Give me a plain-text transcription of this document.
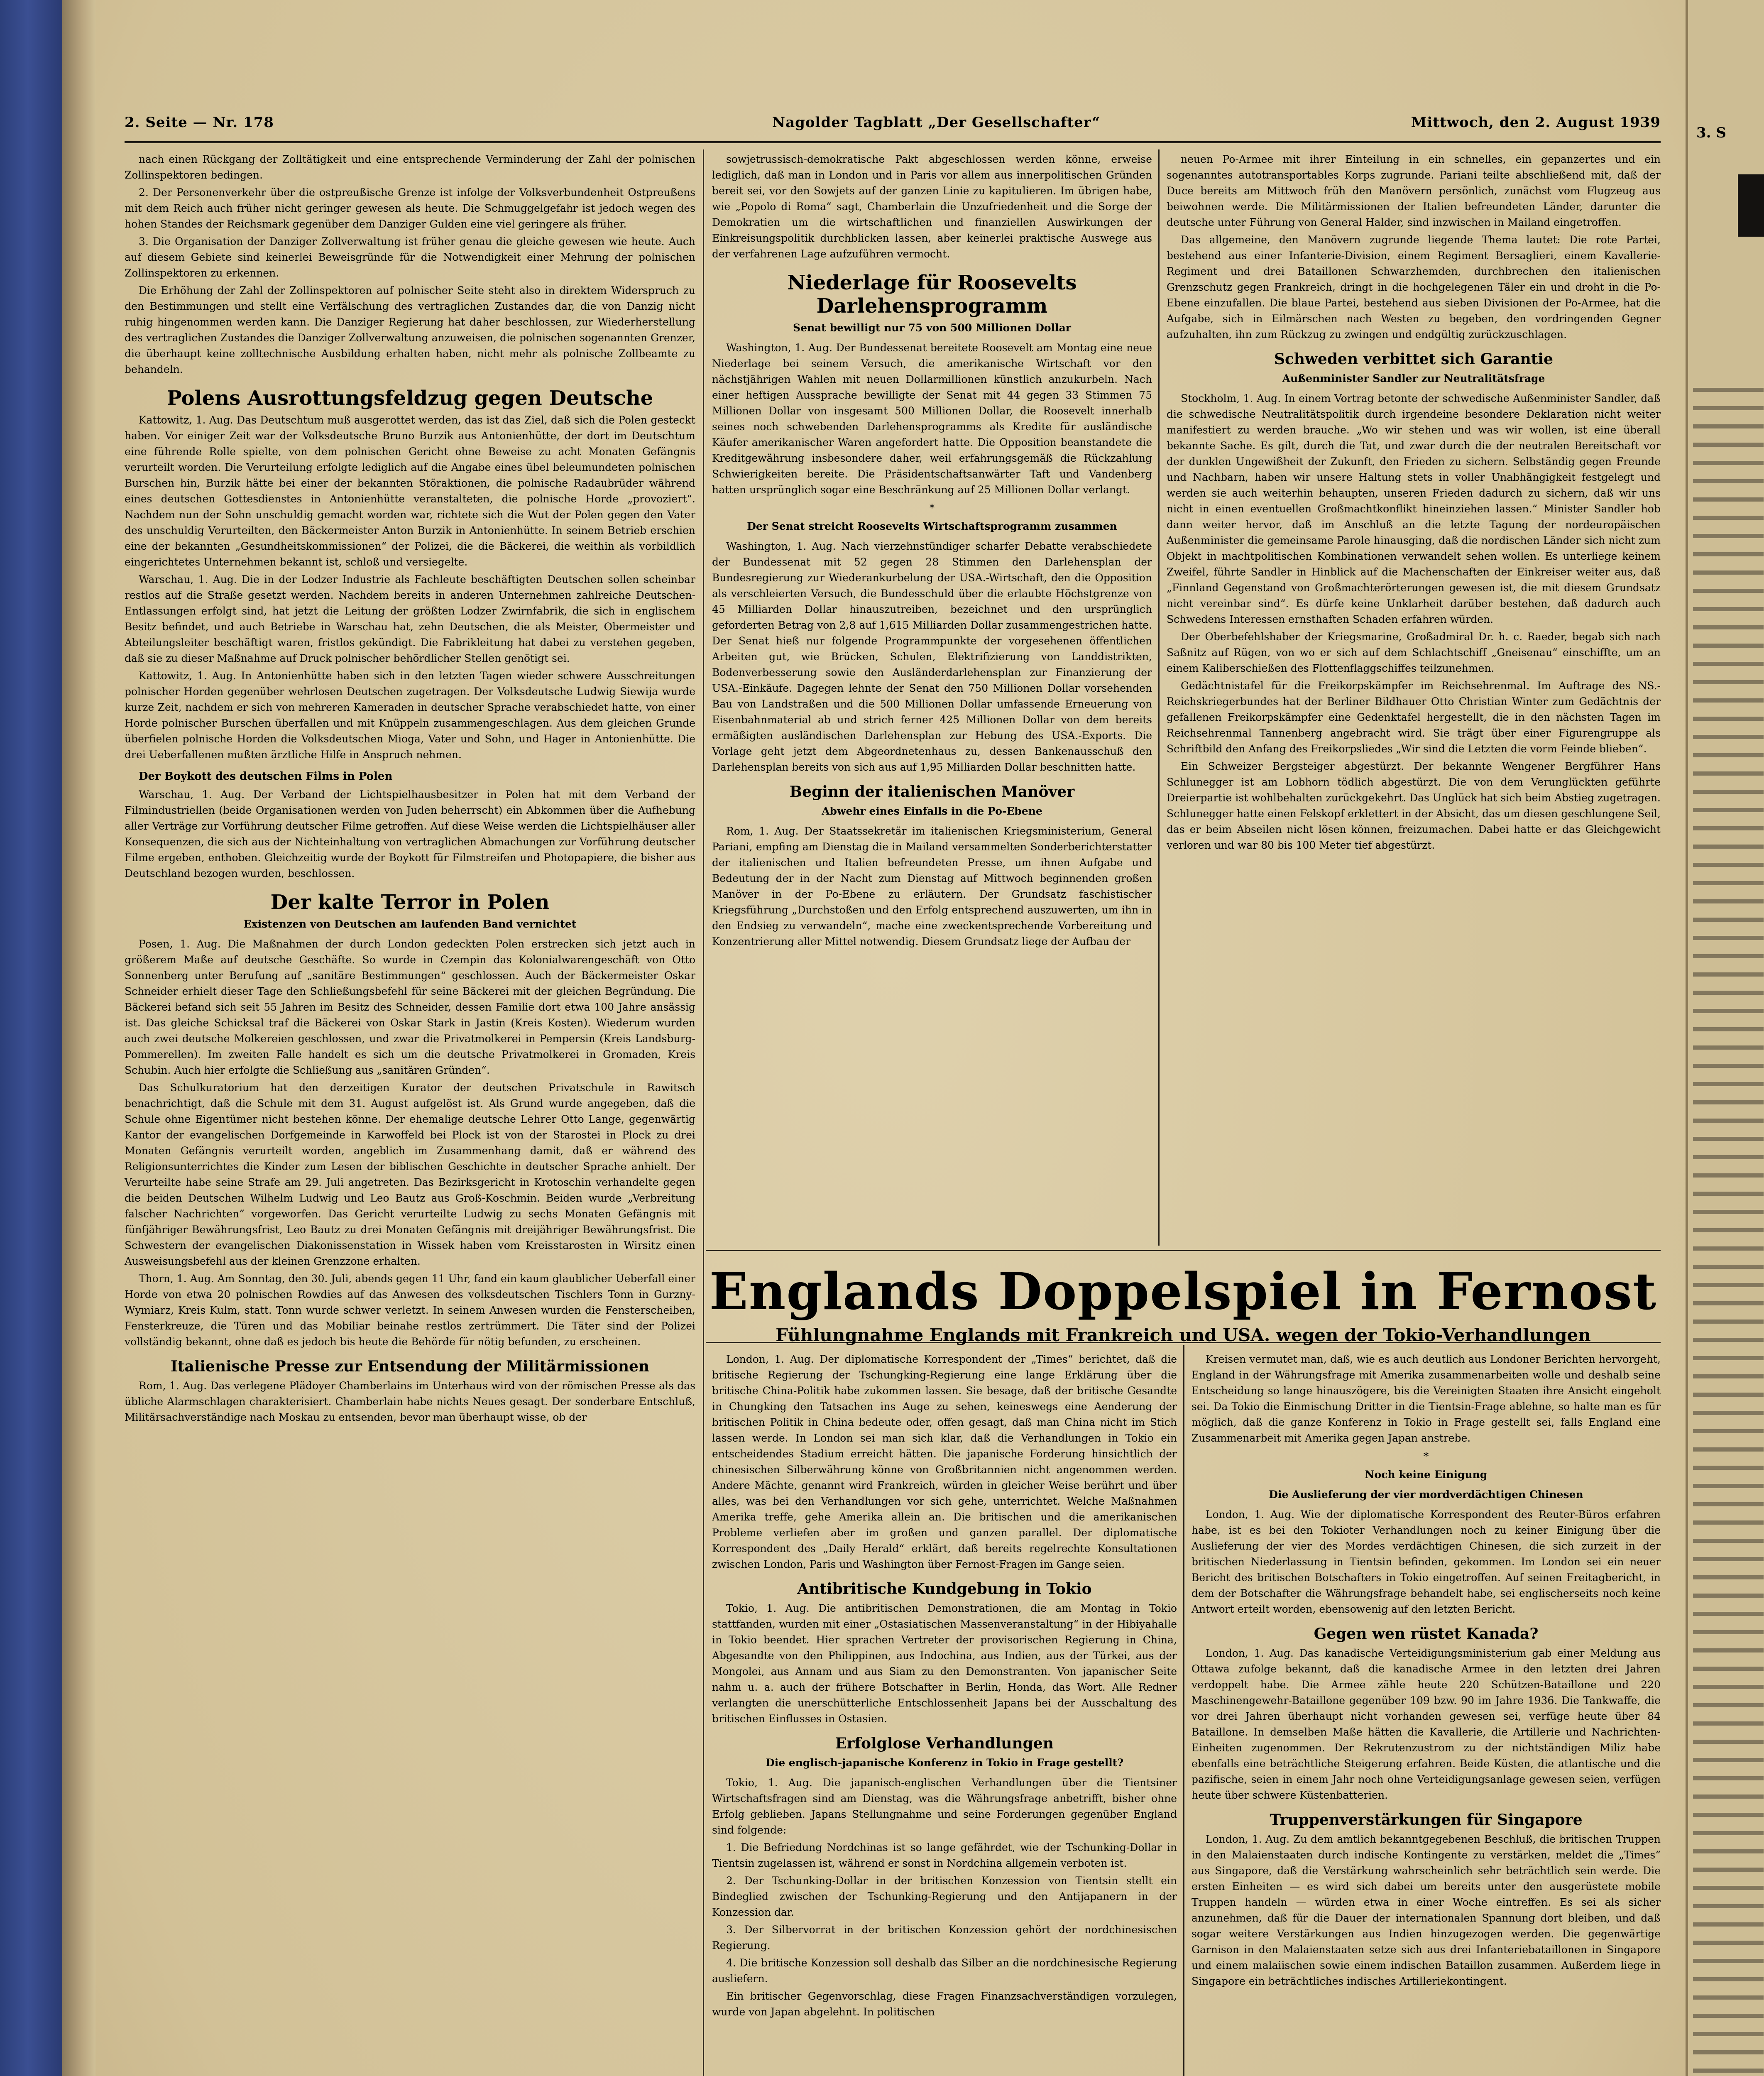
3. S
2. Seite — Nr. 178	Nagolder Tagblatt „Der Gesellschafter“	Mittwoch, den 2. August 1939

nach einen Rückgang der Zolltätigkeit und eine entsprechende Verminderung der Zahl der polnischen Zollinspektoren bedingen.

2. Der Personenverkehr über die ostpreußische Grenze ist infolge der Volksverbundenheit Ostpreußens mit dem Reich auch früher nicht geringer gewesen als heute. Die Schmuggelgefahr ist jedoch wegen des hohen Standes der Reichsmark gegenüber dem Danziger Gulden eine viel geringere als früher.

3. Die Organisation der Danziger Zollverwaltung ist früher genau die gleiche gewesen wie heute. Auch auf diesem Gebiete sind keinerlei Beweisgründe für die Notwendigkeit einer Mehrung der polnischen Zollinspektoren zu erkennen.

Die Erhöhung der Zahl der Zollinspektoren auf polnischer Seite steht also in direktem Widerspruch zu den Bestimmungen und stellt eine Verfälschung des vertraglichen Zustandes dar, die von Danzig nicht ruhig hingenommen werden kann. Die Danziger Regierung hat daher beschlossen, zur Wiederherstellung des vertraglichen Zustandes die Danziger Zollverwaltung anzuweisen, die polnischen sogenannten Grenzer, die überhaupt keine zolltechnische Ausbildung erhalten haben, nicht mehr als polnische Zollbeamte zu behandeln.

Polens Ausrottungsfeldzug gegen Deutsche

Kattowitz, 1. Aug. Das Deutschtum muß ausgerottet werden, das ist das Ziel, daß sich die Polen gesteckt haben. Vor einiger Zeit war der Volksdeutsche Bruno Burzik aus Antonienhütte, der dort im Deutschtum eine führende Rolle spielte, von dem polnischen Gericht ohne Beweise zu acht Monaten Gefängnis verurteilt worden. Die Verurteilung erfolgte lediglich auf die Angabe eines übel beleumundeten polnischen Burschen hin, Burzik hätte bei einer der bekannten Störaktionen, die polnische Radaubrüder während eines deutschen Gottesdienstes in Antonienhütte veranstalteten, die polnische Horde „provoziert“. Nachdem nun der Sohn unschuldig gemacht worden war, richtete sich die Wut der Polen gegen den Vater des unschuldig Verurteilten, den Bäckermeister Anton Burzik in Antonienhütte. In seinem Betrieb erschien eine der bekannten „Gesundheitskommissionen“ der Polizei, die die Bäckerei, die weithin als vorbildlich eingerichtetes Unternehmen bekannt ist, schloß und versiegelte.

Warschau, 1. Aug. Die in der Lodzer Industrie als Fachleute beschäftigten Deutschen sollen scheinbar restlos auf die Straße gesetzt werden. Nachdem bereits in anderen Unternehmen zahlreiche Deutschen-Entlassungen erfolgt sind, hat jetzt die Leitung der größten Lodzer Zwirnfabrik, die sich in englischem Besitz befindet, und auch Betriebe in Warschau hat, zehn Deutschen, die als Meister, Obermeister und Abteilungsleiter beschäftigt waren, fristlos gekündigt. Die Fabrikleitung hat dabei zu verstehen gegeben, daß sie zu dieser Maßnahme auf Druck polnischer behördlicher Stellen genötigt sei.

Kattowitz, 1. Aug. In Antonienhütte haben sich in den letzten Tagen wieder schwere Ausschreitungen polnischer Horden gegenüber wehrlosen Deutschen zugetragen. Der Volksdeutsche Ludwig Siewija wurde kurze Zeit, nachdem er sich von mehreren Kameraden in deutscher Sprache verabschiedet hatte, von einer Horde polnischer Burschen überfallen und mit Knüppeln zusammengeschlagen. Aus dem gleichen Grunde überfielen polnische Horden die Volksdeutschen Mioga, Vater und Sohn, und Hager in Antonienhütte. Die drei Ueberfallenen mußten ärztliche Hilfe in Anspruch nehmen.

Der Boykott des deutschen Films in Polen

Warschau, 1. Aug. Der Verband der Lichtspielhausbesitzer in Polen hat mit dem Verband der Filmindustriellen (beide Organisationen werden von Juden beherrscht) ein Abkommen über die Aufhebung aller Verträge zur Vorführung deutscher Filme getroffen. Auf diese Weise werden die Lichtspielhäuser aller Konsequenzen, die sich aus der Nichteinhaltung von vertraglichen Abmachungen zur Vorführung deutscher Filme ergeben, enthoben. Gleichzeitig wurde der Boykott für Filmstreifen und Photopapiere, die bisher aus Deutschland bezogen wurden, beschlossen.

Der kalte Terror in Polen
Existenzen von Deutschen am laufenden Band vernichtet

Posen, 1. Aug. Die Maßnahmen der durch London gedeckten Polen erstrecken sich jetzt auch in größerem Maße auf deutsche Geschäfte. So wurde in Czempin das Kolonialwarengeschäft von Otto Sonnenberg unter Berufung auf „sanitäre Bestimmungen“ geschlossen. Auch der Bäckermeister Oskar Schneider erhielt dieser Tage den Schließungsbefehl für seine Bäckerei mit der gleichen Begründung. Die Bäckerei befand sich seit 55 Jahren im Besitz des Schneider, dessen Familie dort etwa 100 Jahre ansässig ist. Das gleiche Schicksal traf die Bäckerei von Oskar Stark in Jastin (Kreis Kosten). Wiederum wurden auch zwei deutsche Molkereien geschlossen, und zwar die Privatmolkerei in Pempersin (Kreis Landsburg-Pommerellen). Im zweiten Falle handelt es sich um die deutsche Privatmolkerei in Gromaden, Kreis Schubin. Auch hier erfolgte die Schließung aus „sanitären Gründen“.

Das Schulkuratorium hat den derzeitigen Kurator der deutschen Privatschule in Rawitsch benachrichtigt, daß die Schule mit dem 31. August aufgelöst ist. Als Grund wurde angegeben, daß die Schule ohne Eigentümer nicht bestehen könne. Der ehemalige deutsche Lehrer Otto Lange, gegenwärtig Kantor der evangelischen Dorfgemeinde in Karwoffeld bei Plock ist von der Starostei in Plock zu drei Monaten Gefängnis verurteilt worden, angeblich im Zusammenhang damit, daß er während des Religionsunterrichtes die Kinder zum Lesen der biblischen Geschichte in deutscher Sprache anhielt. Der Verurteilte habe seine Strafe am 29. Juli angetreten. Das Bezirksgericht in Krotoschin verhandelte gegen die beiden Deutschen Wilhelm Ludwig und Leo Bautz aus Groß-Koschmin. Beiden wurde „Verbreitung falscher Nachrichten“ vorgeworfen. Das Gericht verurteilte Ludwig zu sechs Monaten Gefängnis mit fünfjähriger Bewährungsfrist, Leo Bautz zu drei Monaten Gefängnis mit dreijähriger Bewährungsfrist. Die Schwestern der evangelischen Diakonissenstation in Wissek haben vom Kreisstarosten in Wirsitz einen Ausweisungsbefehl aus der kleinen Grenzzone erhalten.

Thorn, 1. Aug. Am Sonntag, den 30. Juli, abends gegen 11 Uhr, fand ein kaum glaublicher Ueberfall einer Horde von etwa 20 polnischen Rowdies auf das Anwesen des volksdeutschen Tischlers Tonn in Gurzny-Wymiarz, Kreis Kulm, statt. Tonn wurde schwer verletzt. In seinem Anwesen wurden die Fensterscheiben, Fensterkreuze, die Türen und das Mobiliar beinahe restlos zertrümmert. Die Täter sind der Polizei vollständig bekannt, ohne daß es jedoch bis heute die Behörde für nötig befunden, zu erscheinen.

Italienische Presse zur Entsendung der Militärmissionen

Rom, 1. Aug. Das verlegene Plädoyer Chamberlains im Unterhaus wird von der römischen Presse als das übliche Alarmschlagen charakterisiert. Chamberlain habe nichts Neues gesagt. Der sonderbare Entschluß, Militärsachverständige nach Moskau zu entsenden, bevor man überhaupt wisse, ob der

sowjetrussisch-demokratische Pakt abgeschlossen werden könne, erweise lediglich, daß man in London und in Paris vor allem aus innerpolitischen Gründen bereit sei, vor den Sowjets auf der ganzen Linie zu kapitulieren. Im übrigen habe, wie „Popolo di Roma“ sagt, Chamberlain die Unzufriedenheit und die Sorge der Demokratien um die wirtschaftlichen und finanziellen Auswirkungen der Einkreisungspolitik durchblicken lassen, aber keinerlei praktische Auswege aus der verfahrenen Lage aufzuführen vermocht.

Niederlage für Roosevelts Darlehensprogramm
Senat bewilligt nur 75 von 500 Millionen Dollar

Washington, 1. Aug. Der Bundessenat bereitete Roosevelt am Montag eine neue Niederlage bei seinem Versuch, die amerikanische Wirtschaft vor den nächstjährigen Wahlen mit neuen Dollarmillionen künstlich anzukurbeln. Nach einer heftigen Aussprache bewilligte der Senat mit 44 gegen 33 Stimmen 75 Millionen Dollar von insgesamt 500 Millionen Dollar, die Roosevelt innerhalb seines noch schwebenden Darlehensprogramms als Kredite für ausländische Käufer amerikanischer Waren angefordert hatte. Die Opposition beanstandete die Kreditgewährung insbesondere daher, weil erfahrungsgemäß die Rückzahlung Schwierigkeiten bereite. Die Präsidentschaftsanwärter Taft und Vandenberg hatten ursprünglich sogar eine Beschränkung auf 25 Millionen Dollar verlangt.

*
Der Senat streicht Roosevelts Wirtschaftsprogramm zusammen

Washington, 1. Aug. Nach vierzehnstündiger scharfer Debatte verabschiedete der Bundessenat mit 52 gegen 28 Stimmen den Darlehensplan der Bundesregierung zur Wiederankurbelung der USA.-Wirtschaft, den die Opposition als verschleierten Versuch, die Bundesschuld über die erlaubte Höchstgrenze von 45 Milliarden Dollar hinauszutreiben, bezeichnet und den ursprünglich geforderten Betrag von 2,8 auf 1,615 Milliarden Dollar zusammengestrichen hatte. Der Senat hieß nur folgende Programmpunkte der vorgesehenen öffentlichen Arbeiten gut, wie Brücken, Schulen, Elektrifizierung von Landdistrikten, Bodenverbesserung sowie den Ausländerdarlehensplan zur Finanzierung der USA.-Einkäufe. Dagegen lehnte der Senat den 750 Millionen Dollar vorsehenden Bau von Landstraßen und die 500 Millionen Dollar umfassende Erneuerung von Eisenbahnmaterial ab und strich ferner 425 Millionen Dollar von dem bereits ermäßigten ausländischen Darlehensplan zur Hebung des USA.-Exports. Die Vorlage geht jetzt dem Abgeordnetenhaus zu, dessen Bankenausschuß den Darlehensplan bereits von sich aus auf 1,95 Milliarden Dollar beschnitten hatte.

Beginn der italienischen Manöver
Abwehr eines Einfalls in die Po-Ebene

Rom, 1. Aug. Der Staatssekretär im italienischen Kriegsministerium, General Pariani, empfing am Dienstag die in Mailand versammelten Sonderberichterstatter der italienischen und Italien befreundeten Presse, um ihnen Aufgabe und Bedeutung der in der Nacht zum Dienstag auf Mittwoch beginnenden großen Manöver in der Po-Ebene zu erläutern. Der Grundsatz faschistischer Kriegsführung „Durchstoßen und den Erfolg entsprechend auszuwerten, um ihn in den Endsieg zu verwandeln“, mache eine zweckentsprechende Vorbereitung und Konzentrierung aller Mittel notwendig. Diesem Grundsatz liege der Aufbau der

neuen Po-Armee mit ihrer Einteilung in ein schnelles, ein gepanzertes und ein sogenanntes autotransportables Korps zugrunde. Pariani teilte abschließend mit, daß der Duce bereits am Mittwoch früh den Manövern persönlich, zunächst vom Flugzeug aus beiwohnen werde. Die Militärmissionen der Italien befreundeten Länder, darunter die deutsche unter Führung von General Halder, sind inzwischen in Mailand eingetroffen.

Das allgemeine, den Manövern zugrunde liegende Thema lautet: Die rote Partei, bestehend aus einer Infanterie-Division, einem Regiment Bersaglieri, einem Kavallerie-Regiment und drei Bataillonen Schwarzhemden, durchbrechen den italienischen Grenzschutz gegen Frankreich, dringt in die hochgelegenen Täler ein und droht in die Po-Ebene einzufallen. Die blaue Partei, bestehend aus sieben Divisionen der Po-Armee, hat die Aufgabe, sich in Eilmärschen nach Westen zu begeben, den vordringenden Gegner aufzuhalten, ihn zum Rückzug zu zwingen und endgültig zurückzuschlagen.

Schweden verbittet sich Garantie
Außenminister Sandler zur Neutralitätsfrage

Stockholm, 1. Aug. In einem Vortrag betonte der schwedische Außenminister Sandler, daß die schwedische Neutralitätspolitik durch irgendeine besondere Deklaration nicht weiter manifestiert zu werden brauche. „Wo wir stehen und was wir wollen, ist eine überall bekannte Sache. Es gilt, durch die Tat, und zwar durch die der neutralen Bereitschaft vor der dunklen Ungewißheit der Zukunft, den Frieden zu sichern. Selbständig gegen Freunde und Nachbarn, haben wir unsere Haltung stets in voller Unabhängigkeit festgelegt und werden sie auch weiterhin behaupten, unseren Frieden dadurch zu sichern, daß wir uns nicht in einen eventuellen Großmachtkonflikt hineinziehen lassen.“ Minister Sandler hob dann weiter hervor, daß im Anschluß an die letzte Tagung der nordeuropäischen Außenminister die gemeinsame Parole hinausging, daß die nordischen Länder sich nicht zum Objekt in machtpolitischen Kombinationen verwandelt sehen wollen. Es unterliege keinem Zweifel, führte Sandler in Hinblick auf die Machenschaften der Einkreiser weiter aus, daß „Finnland Gegenstand von Großmachterörterungen gewesen ist, die mit diesem Grundsatz nicht vereinbar sind“. Es dürfe keine Unklarheit darüber bestehen, daß dadurch auch Schwedens Interessen ernsthaften Schaden erfahren würden.

Der Oberbefehlshaber der Kriegsmarine, Großadmiral Dr. h. c. Raeder, begab sich nach Saßnitz auf Rügen, von wo er sich auf dem Schlachtschiff „Gneisenau“ einschiffte, um an einem Kaliberschießen des Flottenflaggschiffes teilzunehmen.

Gedächtnistafel für die Freikorpskämpfer im Reichsehrenmal. Im Auftrage des NS.-Reichskriegerbundes hat der Berliner Bildhauer Otto Christian Winter zum Gedächtnis der gefallenen Freikorpskämpfer eine Gedenktafel hergestellt, die in den nächsten Tagen im Reichsehrenmal Tannenberg angebracht wird. Sie trägt über einer Figurengruppe als Schriftbild den Anfang des Freikorpsliedes „Wir sind die Letzten die vorm Feinde blieben“.

Ein Schweizer Bergsteiger abgestürzt. Der bekannte Wengener Bergführer Hans Schlunegger ist am Lobhorn tödlich abgestürzt. Die von dem Verunglückten geführte Dreierpartie ist wohlbehalten zurückgekehrt. Das Unglück hat sich beim Abstieg zugetragen. Schlunegger hatte einen Felskopf erklettert in der Absicht, das um diesen geschlungene Seil, das er beim Abseilen nicht lösen können, freizumachen. Dabei hatte er das Gleichgewicht verloren und war 80 bis 100 Meter tief abgestürzt.

Englands Doppelspiel in Fernost
Fühlungnahme Englands mit Frankreich und USA. wegen der Tokio-Verhandlungen

London, 1. Aug. Der diplomatische Korrespondent der „Times“ berichtet, daß die britische Regierung der Tschungking-Regierung eine lange Erklärung über die britische China-Politik habe zukommen lassen. Sie besage, daß der britische Gesandte in Chungking den Tatsachen ins Auge zu sehen, keineswegs eine Aenderung der britischen Politik in China bedeute oder, offen gesagt, daß man China nicht im Stich lassen werde. In London sei man sich klar, daß die Verhandlungen in Tokio ein entscheidendes Stadium erreicht hätten. Die japanische Forderung hinsichtlich der chinesischen Silberwährung könne von Großbritannien nicht angenommen werden. Andere Mächte, genannt wird Frankreich, würden in gleicher Weise berührt und über alles, was bei den Verhandlungen vor sich gehe, unterrichtet. Welche Maßnahmen Amerika treffe, gehe Amerika allein an. Die britischen und die amerikanischen Probleme verliefen aber im großen und ganzen parallel. Der diplomatische Korrespondent des „Daily Herald“ erklärt, daß bereits regelrechte Konsultationen zwischen London, Paris und Washington über Fernost-Fragen im Gange seien.

Antibritische Kundgebung in Tokio

Tokio, 1. Aug. Die antibritischen Demonstrationen, die am Montag in Tokio stattfanden, wurden mit einer „Ostasiatischen Massenveranstaltung“ in der Hibiyahalle in Tokio beendet. Hier sprachen Vertreter der provisorischen Regierung in China, Abgesandte von den Philippinen, aus Indochina, aus Indien, aus der Türkei, aus der Mongolei, aus Annam und aus Siam zu den Demonstranten. Von japanischer Seite nahm u. a. auch der frühere Botschafter in Berlin, Honda, das Wort. Alle Redner verlangten die unerschütterliche Entschlossenheit Japans bei der Ausschaltung des britischen Einflusses in Ostasien.

Erfolglose Verhandlungen
Die englisch-japanische Konferenz in Tokio in Frage gestellt?

Tokio, 1. Aug. Die japanisch-englischen Verhandlungen über die Tientsiner Wirtschaftsfragen sind am Dienstag, was die Währungsfrage anbetrifft, bisher ohne Erfolg geblieben. Japans Stellungnahme und seine Forderungen gegenüber England sind folgende:

1. Die Befriedung Nordchinas ist so lange gefährdet, wie der Tschunking-Dollar in Tientsin zugelassen ist, während er sonst in Nordchina allgemein verboten ist.

2. Der Tschunking-Dollar in der britischen Konzession von Tientsin stellt ein Bindeglied zwischen der Tschunking-Regierung und den Antijapanern in der Konzession dar.

3. Der Silbervorrat in der britischen Konzession gehört der nordchinesischen Regierung.

4. Die britische Konzession soll deshalb das Silber an die nordchinesische Regierung ausliefern.

Ein britischer Gegenvorschlag, diese Fragen Finanzsachverständigen vorzulegen, wurde von Japan abgelehnt. In politischen

Kreisen vermutet man, daß, wie es auch deutlich aus Londoner Berichten hervorgeht, England in der Währungsfrage mit Amerika zusammenarbeiten wolle und deshalb seine Entscheidung so lange hinauszögere, bis die Vereinigten Staaten ihre Ansicht eingeholt sei. Da Tokio die Einmischung Dritter in die Tientsin-Frage ablehne, so halte man es für möglich, daß die ganze Konferenz in Tokio in Frage gestellt sei, falls England eine Zusammenarbeit mit Amerika gegen Japan anstrebe.

*
Noch keine Einigung
Die Auslieferung der vier mordverdächtigen Chinesen

London, 1. Aug. Wie der diplomatische Korrespondent des Reuter-Büros erfahren habe, ist es bei den Tokioter Verhandlungen noch zu keiner Einigung über die Auslieferung der vier des Mordes verdächtigen Chinesen, die sich zurzeit in der britischen Niederlassung in Tientsin befinden, gekommen. Im London sei ein neuer Bericht des britischen Botschafters in Tokio eingetroffen. Auf seinen Freitagbericht, in dem der Botschafter die Währungsfrage behandelt habe, sei englischerseits noch keine Antwort erteilt worden, ebensowenig auf den letzten Bericht.

Gegen wen rüstet Kanada?

London, 1. Aug. Das kanadische Verteidigungsministerium gab einer Meldung aus Ottawa zufolge bekannt, daß die kanadische Armee in den letzten drei Jahren verdoppelt habe. Die Armee zähle heute 220 Schützen-Bataillone und 220 Maschinengewehr-Bataillone gegenüber 109 bzw. 90 im Jahre 1936. Die Tankwaffe, die vor drei Jahren überhaupt nicht vorhanden gewesen sei, verfüge heute über 84 Bataillone. In demselben Maße hätten die Kavallerie, die Artillerie und Nachrichten-Einheiten zugenommen. Der Rekrutenzustrom zu der nichtständigen Miliz habe ebenfalls eine beträchtliche Steigerung erfahren. Beide Küsten, die atlantische und die pazifische, seien in einem Jahr noch ohne Verteidigungsanlage gewesen seien, verfügen heute über schwere Küstenbatterien.

Truppenverstärkungen für Singapore

London, 1. Aug. Zu dem amtlich bekanntgegebenen Beschluß, die britischen Truppen in den Malaienstaaten durch indische Kontingente zu verstärken, meldet die „Times“ aus Singapore, daß die Verstärkung wahrscheinlich sehr beträchtlich sein werde. Die ersten Einheiten — es wird sich dabei um bereits unter den ausgerüstete mobile Truppen handeln — würden etwa in einer Woche eintreffen. Es sei als sicher anzunehmen, daß für die Dauer der internationalen Spannung dort bleiben, und daß sogar weitere Verstärkungen aus Indien hinzugezogen werden. Die gegenwärtige Garnison in den Malaienstaaten setze sich aus drei Infanteriebataillonen in Singapore und einem malaiischen sowie einem indischen Bataillon zusammen. Außerdem liege in Singapore ein beträchtliches indisches Artilleriekontingent.
